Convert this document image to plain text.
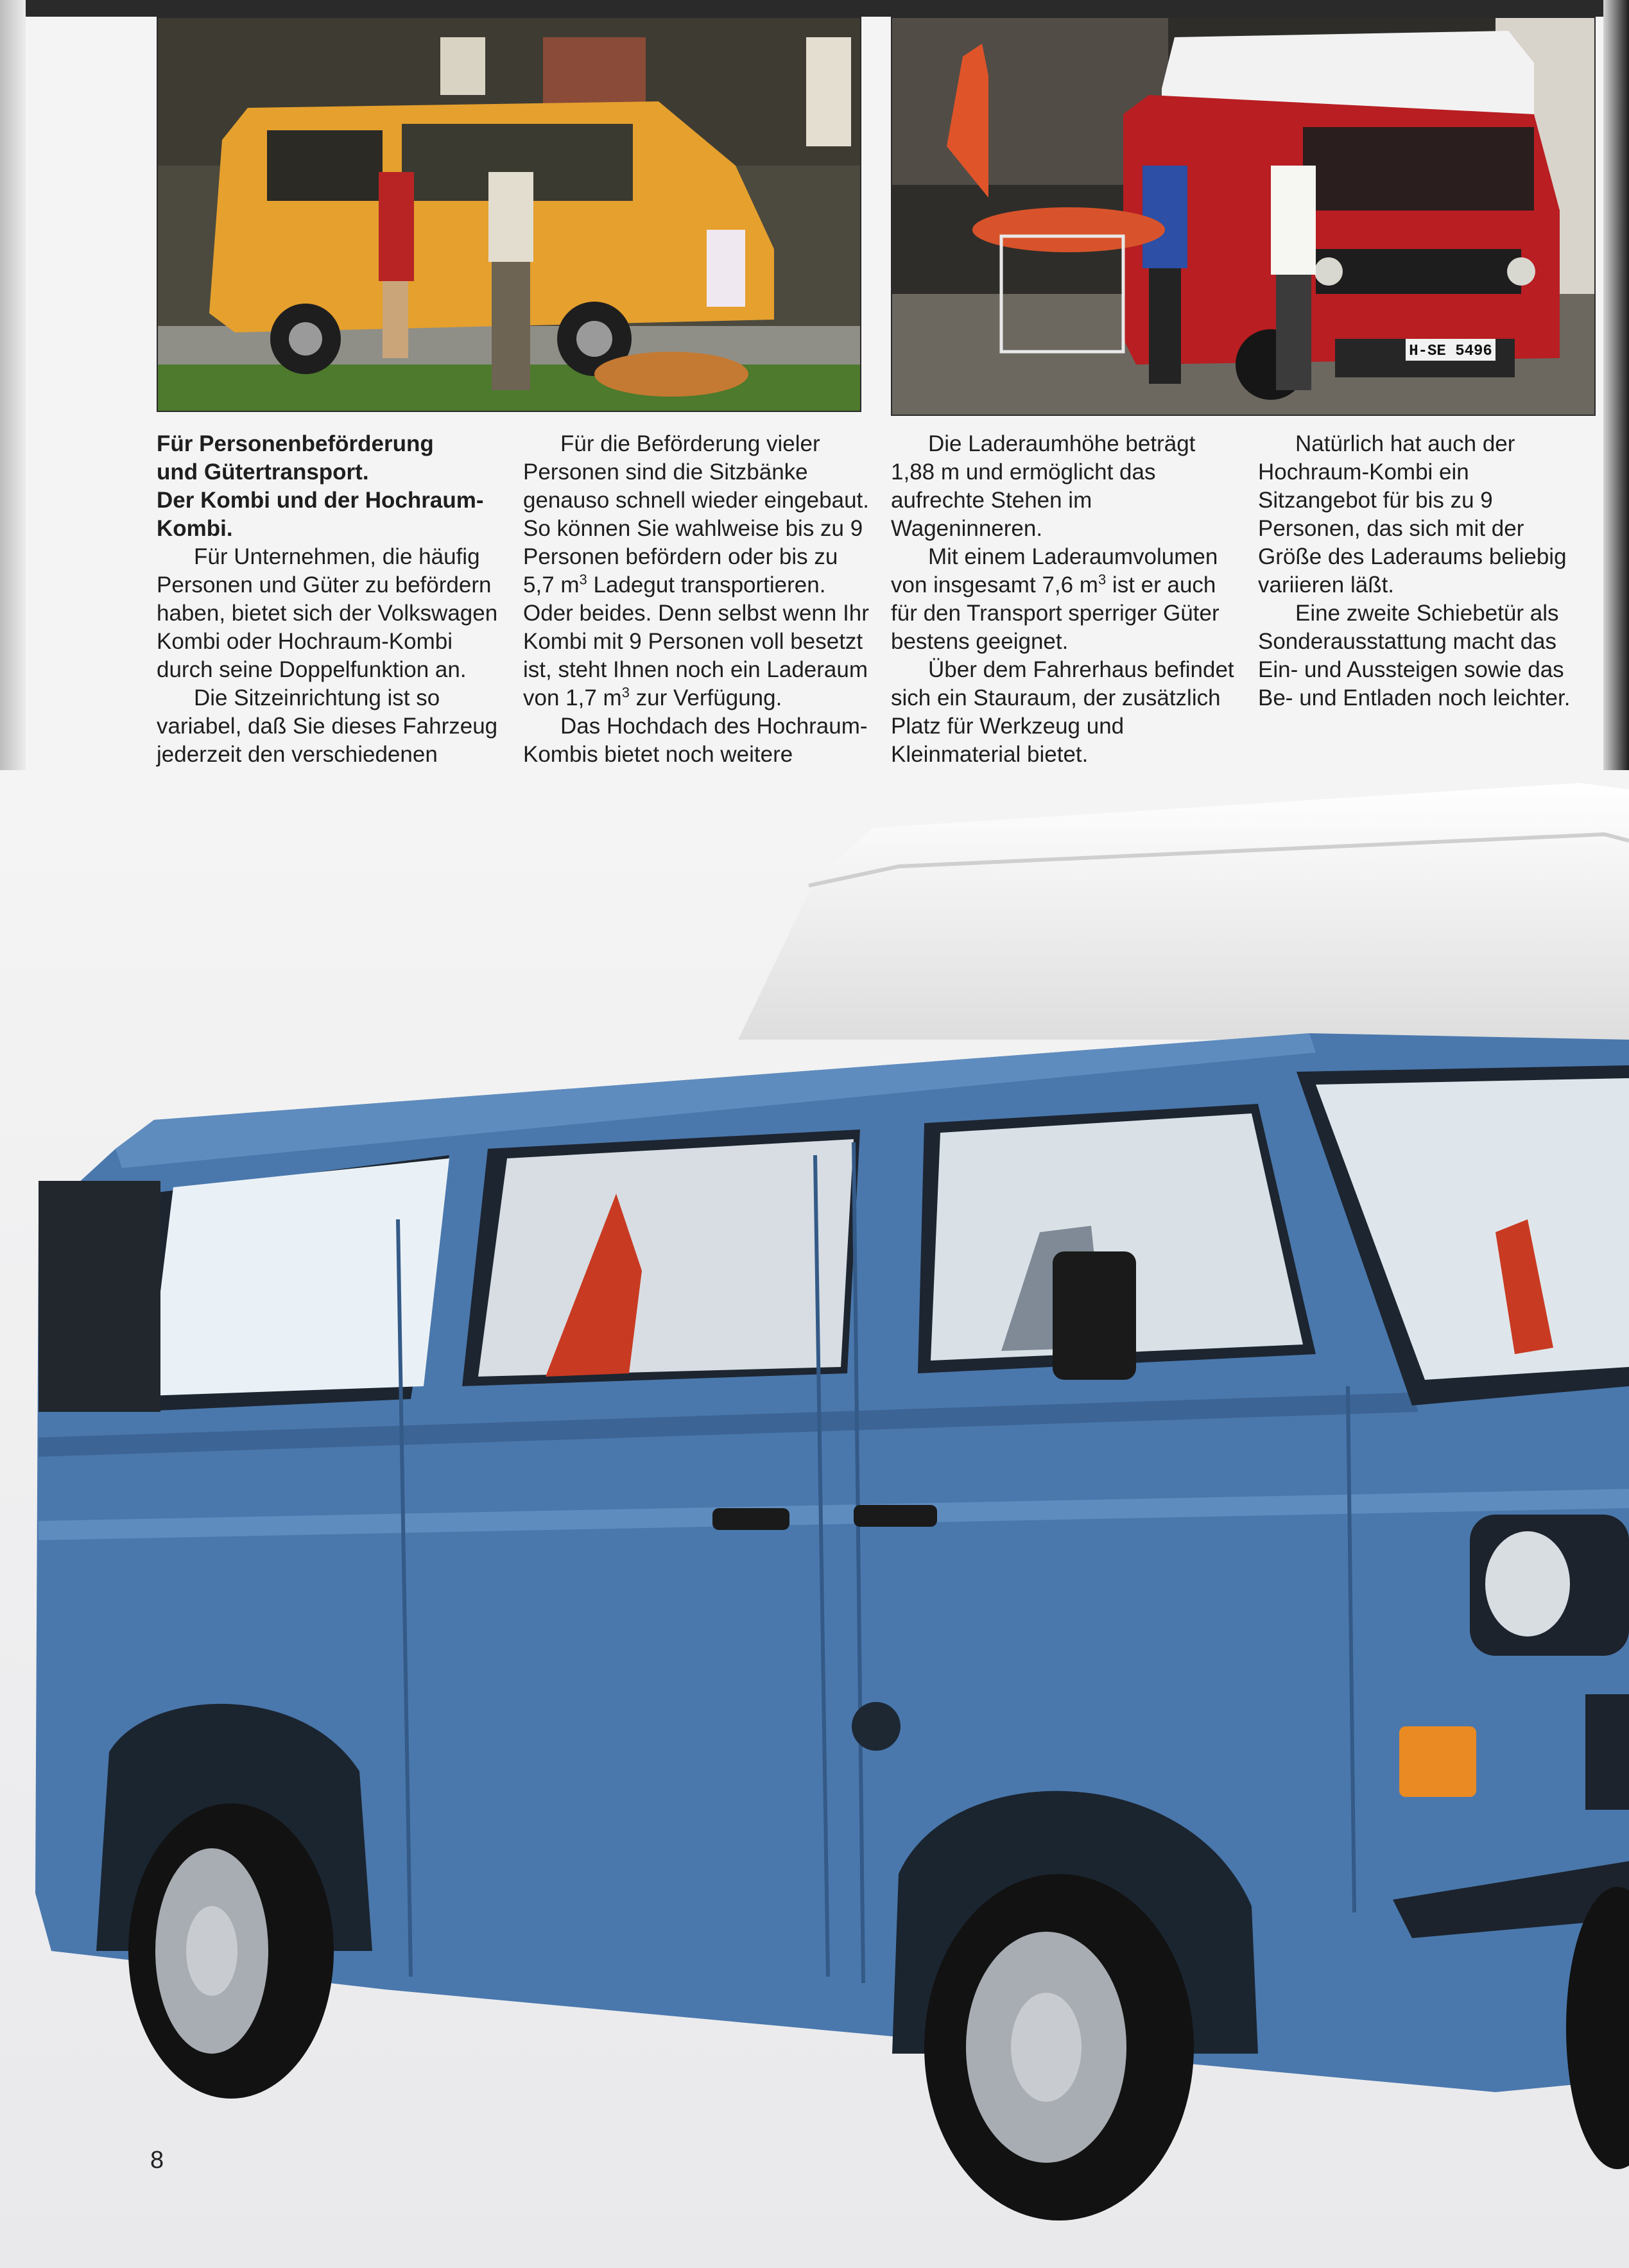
H-SE 5496
Für Personenbeförderung
und Gütertransport.
Der Kombi und der Hochraum-
Kombi.

Für Unternehmen, die häufig Personen und Güter zu befördern haben, bietet sich der Volkswagen Kombi oder Hochraum-Kombi durch seine Doppelfunktion an.

Die Sitzeinrichtung ist so variabel, daß Sie dieses Fahrzeug jederzeit den verschiedenen

Für die Beförderung vieler Personen sind die Sitzbänke genauso schnell wieder eingebaut. So können Sie wahlweise bis zu 9 Personen befördern oder bis zu 5,7 $m^3$ Ladegut transportieren. Oder beides. Denn selbst wenn Ihr Kombi mit 9 Personen voll besetzt ist, steht Ihnen noch ein Laderaum von 1,7 $m^3$ zur Verfügung.

Das Hochdach des Hochraum-Kombis bietet noch weitere

Die Laderaumhöhe beträgt 1,88 m und ermöglicht das aufrechte Stehen im Wageninneren.

Mit einem Laderaumvolumen von insgesamt 7,6 $m^3$ ist er auch für den Transport sperriger Güter bestens geeignet.

Über dem Fahrerhaus befindet sich ein Stauraum, der zusätzlich Platz für Werkzeug und Kleinmaterial bietet.

Natürlich hat auch der Hochraum-Kombi ein Sitzangebot für bis zu 9 Personen, das sich mit der Größe des Laderaums beliebig variieren läßt.

Eine zweite Schiebetür als Sonderausstattung macht das Ein- und Aussteigen sowie das Be- und Entladen noch leichter.

8
